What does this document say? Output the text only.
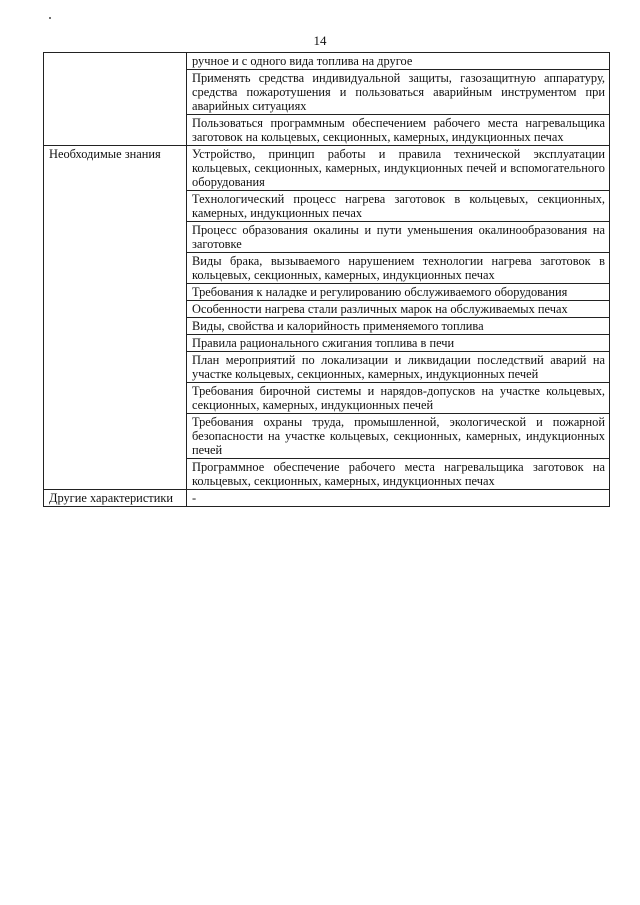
14
	ручное и с одного вида топлива на другое
	Применять средства индивидуальной защиты, газозащитную аппаратуру, средства пожаротушения и пользоваться аварийным инструментом при аварийных ситуациях
	Пользоваться программным обеспечением рабочего места нагревальщика заготовок на кольцевых, секционных, камерных, индукционных печах
Необходимые знания	Устройство, принцип работы и правила технической эксплуатации кольцевых, секционных, камерных, индукционных печей и вспомогательного оборудования
	Технологический процесс нагрева заготовок в кольцевых, секционных, камерных, индукционных печах
	Процесс образования окалины и пути уменьшения окалинообразования на заготовке
	Виды брака, вызываемого нарушением технологии нагрева заготовок в кольцевых, секционных, камерных, индукционных печах
	Требования к наладке и регулированию обслуживаемого оборудования
	Особенности нагрева стали различных марок на обслуживаемых печах
	Виды, свойства и калорийность применяемого топлива
	Правила рационального сжигания топлива в печи
	План мероприятий по локализации и ликвидации последствий аварий на участке кольцевых, секционных, камерных, индукционных печей
	Требования бирочной системы и нарядов-допусков на участке кольцевых, секционных, камерных, индукционных печей
	Требования охраны труда, промышленной, экологической и пожарной безопасности на участке кольцевых, секционных, камерных, индукционных печей
	Программное обеспечение рабочего места нагревальщика заготовок на кольцевых, секционных, камерных, индукционных печах
Другие характеристики	-
